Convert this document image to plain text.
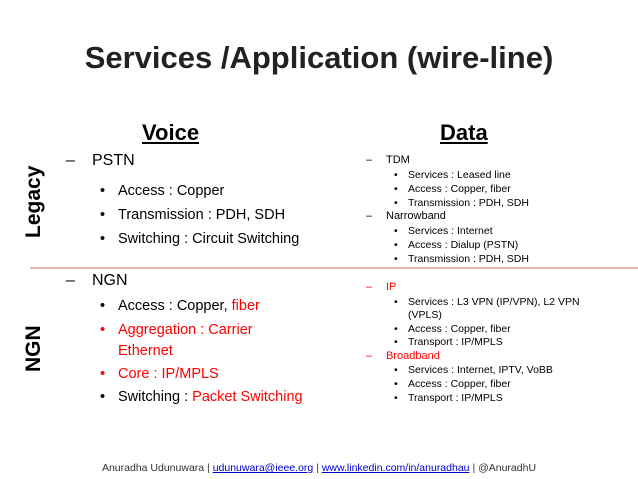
Services /Application (wire-line)
Legacy
NGN
Voice	Data
– PSTN
• Access : Copper
• Transmission : PDH, SDH
• Switching : Circuit Switching
– NGN
• Access : Copper, fiber
• Aggregation : Carrier
Ethernet
• Core : IP/MPLS
• Switching : Packet Switching
– TDM
• Services : Leased line
• Access : Copper, fiber
• Transmission : PDH, SDH
– Narrowband
• Services : Internet
• Access : Dialup (PSTN)
• Transmission : PDH, SDH
– IP
• Services : L3 VPN (IP/VPN), L2 VPN
(VPLS)
• Access : Copper, fiber
• Transport : IP/MPLS
– Broadband
• Services : Internet, IPTV, VoBB
• Access : Copper, fiber
• Transport : IP/MPLS
Anuradha Udunuwara | udunuwara@ieee.org | www.linkedin.com/in/anuradhau | @AnuradhU
